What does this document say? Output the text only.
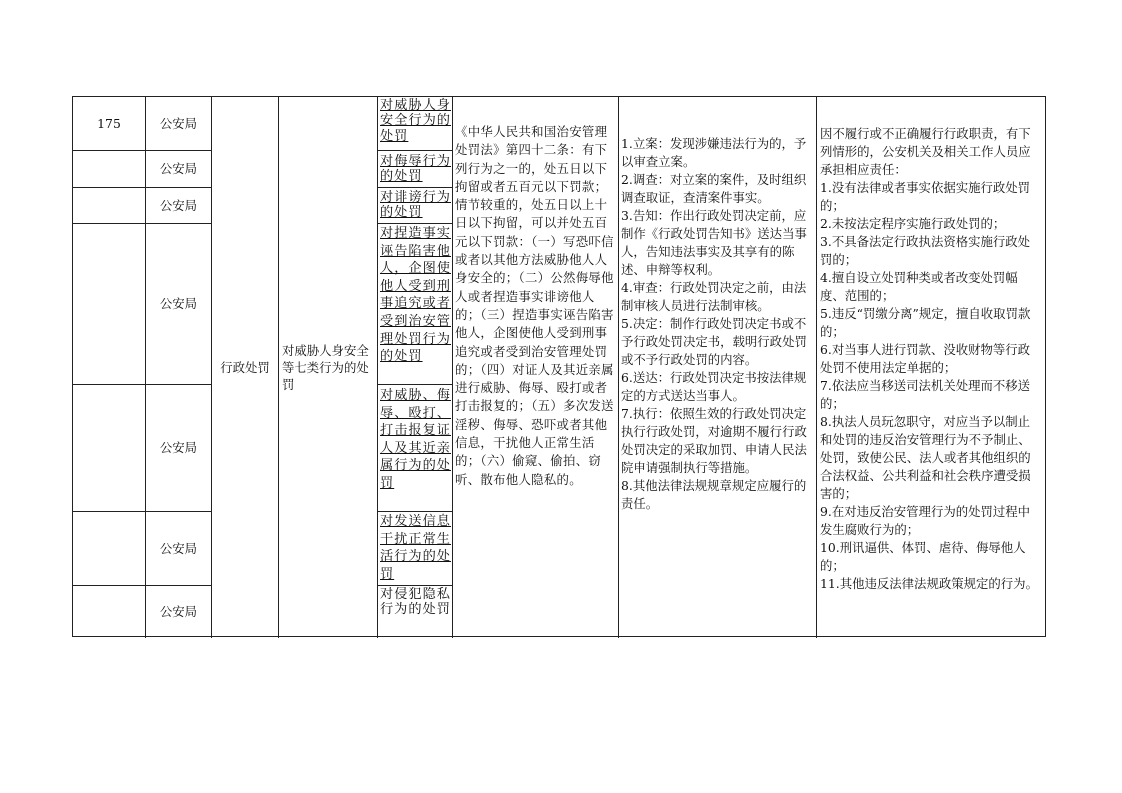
175	公安局
公安局
公安局
公安局
公安局
公安局
公安局
行政处罚
对威胁人身安全等七类行为的处罚
对威胁人身安全行为的处罚
对侮辱行为的处罚
对诽谤行为的处罚
对捏造事实诬告陷害他人，企图使他人受到刑事追究或者受到治安管理处罚行为的处罚
对威胁、侮辱、殴打、打击报复证人及其近亲属行为的处罚
对发送信息干扰正常生活行为的处罚
对侵犯隐私行为的处罚
《中华人民共和国治安管理处罚法》第四十二条：有下列行为之一的，处五日以下拘留或者五百元以下罚款；情节较重的，处五日以上十日以下拘留，可以并处五百元以下罚款：（一）写恐吓信或者以其他方法威胁他人人身安全的；（二）公然侮辱他人或者捏造事实诽谤他人的；（三）捏造事实诬告陷害他人，企图使他人受到刑事追究或者受到治安管理处罚的；（四）对证人及其近亲属进行威胁、侮辱、殴打或者打击报复的；（五）多次发送淫秽、侮辱、恐吓或者其他信息，干扰他人正常生活的；（六）偷窥、偷拍、窃听、散布他人隐私的。
1.立案：发现涉嫌违法行为的，予以审查立案。
2.调查：对立案的案件，及时组织调查取证，查清案件事实。
3.告知：作出行政处罚决定前，应制作《行政处罚告知书》送达当事人，告知违法事实及其享有的陈述、申辩等权利。
4.审查：行政处罚决定之前，由法制审核人员进行法制审核。
5.决定：制作行政处罚决定书或不予行政处罚决定书，载明行政处罚或不予行政处罚的内容。
6.送达：行政处罚决定书按法律规定的方式送达当事人。
7.执行：依照生效的行政处罚决定执行行政处罚，对逾期不履行行政处罚决定的采取加罚、申请人民法院申请强制执行等措施。
8.其他法律法规规章规定应履行的责任。
因不履行或不正确履行行政职责，有下列情形的，公安机关及相关工作人员应承担相应责任：
1.没有法律或者事实依据实施行政处罚的；
2.未按法定程序实施行政处罚的；
3.不具备法定行政执法资格实施行政处罚的；
4.擅自设立处罚种类或者改变处罚幅度、范围的；
5.违反“罚缴分离”规定，擅自收取罚款的；
6.对当事人进行罚款、没收财物等行政处罚不使用法定单据的；
7.依法应当移送司法机关处理而不移送的；
8.执法人员玩忽职守，对应当予以制止和处罚的违反治安管理行为不予制止、处罚，致使公民、法人或者其他组织的合法权益、公共利益和社会秩序遭受损害的；
9.在对违反治安管理行为的处罚过程中发生腐败行为的；
10.刑讯逼供、体罚、虐待、侮辱他人的；
11.其他违反法律法规政策规定的行为。
